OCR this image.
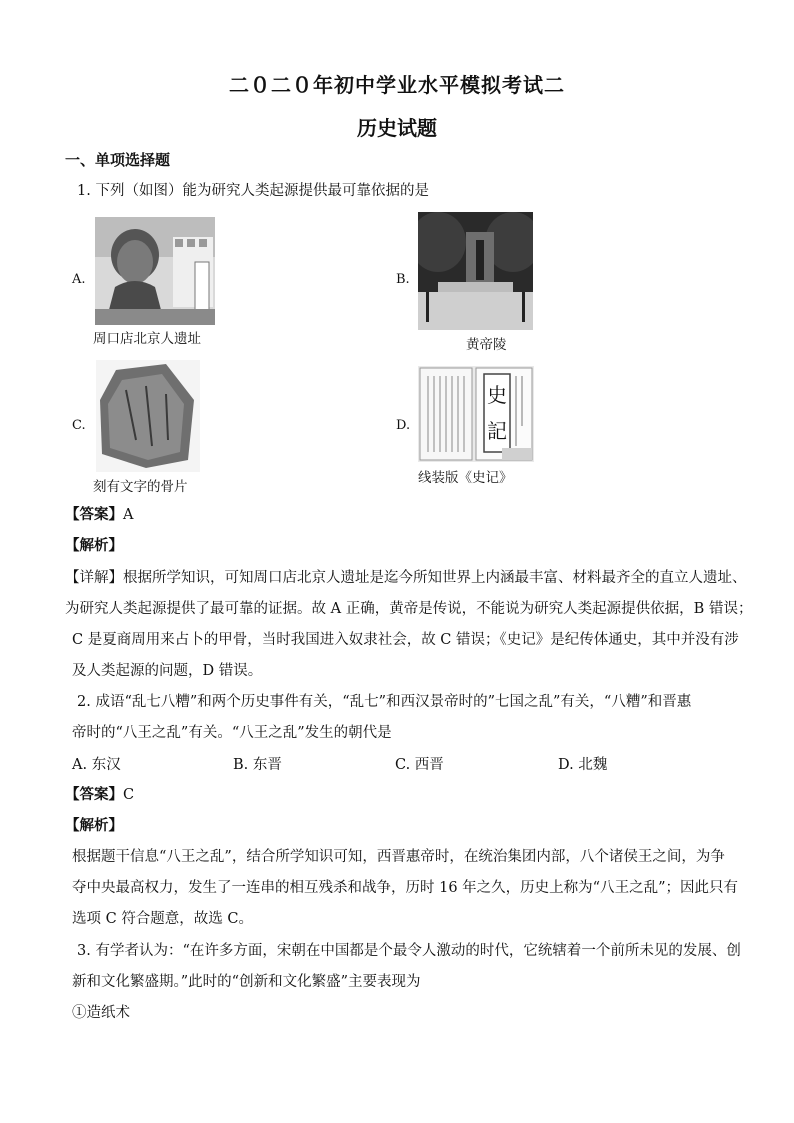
二０二０年初中学业水平模拟考试二
历史试题
一、单项选择题
1. 下列（如图）能为研究人类起源提供最可靠依据的是
A.
周口店北京人遗址
B.
黄帝陵
C.
刻有文字的骨片
D.
史
記
线装版《史记》
【答案】A
【解析】
【详解】根据所学知识，可知周口店北京人遗址是迄今所知世界上内涵最丰富、材料最齐全的直立人遗址、
为研究人类起源提供了最可靠的证据。故 A 正确，黄帝是传说，不能说为研究人类起源提供依据，B 错误；
C 是夏商周用来占卜的甲骨，当时我国进入奴隶社会，故 C 错误；《史记》是纪传体通史，其中并没有涉
及人类起源的问题，D 错误。
2. 成语“乱七八糟”和两个历史事件有关，“乱七”和西汉景帝时的”七国之乱”有关，“八糟”和晋惠
帝时的“八王之乱”有关。“八王之乱”发生的朝代是
A. 东汉	B. 东晋	C. 西晋	D. 北魏
【答案】C
【解析】
根据题干信息“八王之乱”，结合所学知识可知，西晋惠帝时，在统治集团内部，八个诸侯王之间，为争
夺中央最高权力，发生了一连串的相互残杀和战争，历时 16 年之久，历史上称为“八王之乱”；因此只有
选项 C 符合题意，故选 C。
3. 有学者认为：“在许多方面，宋朝在中国都是个最令人激动的时代，它统辖着一个前所未见的发展、创
新和文化繁盛期。”此时的“创新和文化繁盛”主要表现为
①造纸术
